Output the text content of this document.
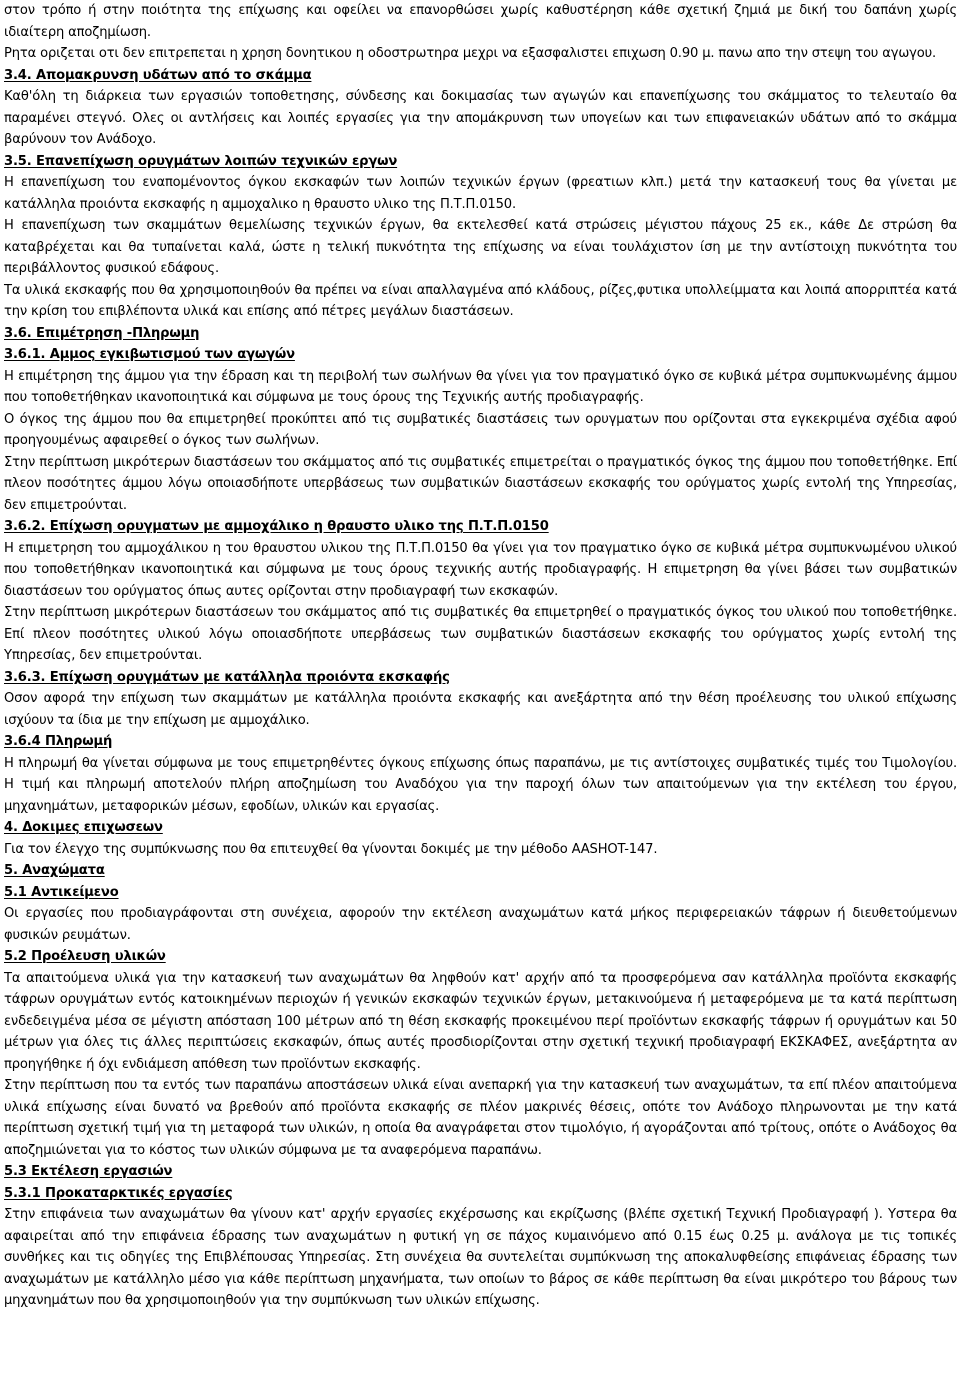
στον τρόπο ή στην ποιότητα της επίχωσης και οφείλει να επανορθώσει χωρίς καθυστέρηση κάθε σχετική ζημιά με δική του δαπάνη χωρίς ιδιαίτερη αποζημίωση.
Ρητα οριζεται οτι δεν επιτρεπεται η χρηση δονητικου η οδοστρωτηρα μεχρι να εξασφαλιστει επιχωση 0.90 μ. πανω απο την στεψη του αγωγου.
3.4. Απομακρυνση υδάτων από το σκάμμα
Καθ'όλη τη διάρκεια των εργασιών τοποθετησης, σύνδεσης και δοκιμασίας των αγωγών και επανεπίχωσης του σκάμματος το τελευταίο θα παραμένει στεγνό. Ολες οι αντλήσεις και λοιπές εργασίες για την απομάκρυνση των υπογείων και των επιφανειακών υδάτων από το σκάμμα βαρύνουν τον Ανάδοχο.
3.5. Επανεπίχωση ορυγμάτων λοιπών τεχνικών εργων
Η επανεπίχωση του εναπομένοντος όγκου εκσκαφών των λοιπών τεχνικών έργων (φρεατιων κλπ.) μετά την κατασκευή τους θα γίνεται με κατάλληλα προιόντα εκσκαφής η αμμοχαλικο η θραυστο υλικο της Π.Τ.Π.0150.
Η επανεπίχωση των σκαμμάτων θεμελίωσης τεχνικών έργων, θα εκτελεσθεί κατά στρώσεις μέγιστου πάχους 25 εκ., κάθε Δε στρώση θα καταβρέχεται και θα τυπαίνεται καλά, ώστε η τελική πυκνότητα της επίχωσης να είναι τουλάχιστον ίση με την αντίστοιχη πυκνότητα του περιβάλλοντος φυσικού εδάφους.
Τα υλικά εκσκαφής που θα χρησιμοποιηθούν θα πρέπει να είναι απαλλαγμένα από κλάδους, ρίζες,φυτικα υπολλείμματα και λοιπά απορριπτέα κατά την κρίση του επιβλέποντα υλικά και επίσης από πέτρες μεγάλων διαστάσεων.
3.6. Επιμέτρηση -Πληρωμη
3.6.1. Αμμος εγκιβωτισμού των αγωγών
Η επιμέτρηση της άμμου για την έδραση και τη περιβολή των σωλήνων θα γίνει για τον πραγματικό όγκο σε κυβικά μέτρα συμπυκνωμένης άμμου που τοποθετήθηκαν ικανοποιητικά και σύμφωνα με τους όρους της Τεχνικής αυτής προδιαγραφής.
Ο όγκος της άμμου που θα επιμετρηθεί προκύπτει από τις συμβατικές διαστάσεις των ορυγματων που ορίζονται στα εγκεκριμένα σχέδια αφού προηγουμένως αφαιρεθεί ο όγκος των σωλήνων.
Στην περίπτωση μικρότερων διαστάσεων του σκάμματος από τις συμβατικές επιμετρείται ο πραγματικός όγκος της άμμου που τοποθετήθηκε. Επί πλεον ποσότητες άμμου λόγω οποιασδήποτε υπερβάσεως των συμβατικών διαστάσεων εκσκαφής του ορύγματος χωρίς εντολή της Υπηρεσίας, δεν επιμετρούνται.
3.6.2. Επίχωση ορυγματων με αμμοχάλικο η θραυστο υλικο της Π.Τ.Π.0150
Η επιμετρηση του αμμοχάλικου η του θραυστου υλικου της Π.Τ.Π.0150 θα γίνει για τον πραγματικο όγκο σε κυβικά μέτρα συμπυκνωμένου υλικού που τοποθετήθηκαν ικανοποιητικά και σύμφωνα με τους όρους τεχνικής αυτής προδιαγραφής. Η επιμετρηση θα γίνει βάσει των συμβατικών διαστάσεων του ορύγματος όπως αυτες ορίζονται στην προδιαγραφή των εκσκαφών.
Στην περίπτωση μικρότερων διαστάσεων του σκάμματος από τις συμβατικές θα επιμετρηθεί ο πραγματικός όγκος του υλικού που τοποθετήθηκε. Επί πλεον ποσότητες υλικού λόγω οποιασδήποτε υπερβάσεως των συμβατικών διαστάσεων εκσκαφής του ορύγματος χωρίς εντολή της Υπηρεσίας, δεν επιμετρούνται.
3.6.3. Επίχωση ορυγμάτων με κατάλληλα προιόντα εκσκαφής
Οσον αφορά την επίχωση των σκαμμάτων με κατάλληλα προιόντα εκσκαφής και ανεξάρτητα από την θέση προέλευσης του υλικού επίχωσης ισχύουν τα ίδια με την επίχωση με αμμοχάλικο.
3.6.4 Πληρωμή
Η πληρωμή θα γίνεται σύμφωνα με τους επιμετρηθέντες όγκους επίχωσης όπως παραπάνω, με τις αντίστοιχες συμβατικές τιμές του Τιμολογίου. Η τιμή και πληρωμή αποτελούν πλήρη αποζημίωση του Αναδόχου για την παροχή όλων των απαιτούμενων για την εκτέλεση του έργου, μηχανημάτων, μεταφορικών μέσων, εφοδίων, υλικών και εργασίας.
4. Δοκιμες επιχωσεων
Για τον έλεγχο της συμπύκνωσης που θα επιτευχθεί θα γίνονται δοκιμές με την μέθοδο AASHOT-147.
5. Αναχώματα
5.1 Αντικείμενο
Οι εργασίες που προδιαγράφονται στη συνέχεια, αφορούν την εκτέλεση αναχωμάτων κατά μήκος περιφερειακών τάφρων ή διευθετούμενων φυσικών ρευμάτων.
5.2 Προέλευση υλικών
Τα απαιτούμενα υλικά για την κατασκευή των αναχωμάτων θα ληφθούν κατ' αρχήν από τα προσφερόμενα σαν κατάλληλα προϊόντα εκσκαφής τάφρων ορυγμάτων εντός κατοικημένων περιοχών ή γενικών εκσκαφών τεχνικών έργων, μετακινούμενα ή μεταφερόμενα με τα κατά περίπτωση ενδεδειγμένα μέσα σε μέγιστη απόσταση 100 μέτρων από τη θέση εκσκαφής προκειμένου περί προϊόντων εκσκαφής τάφρων ή ορυγμάτων και 50 μέτρων για όλες τις άλλες περιπτώσεις εκσκαφών, όπως αυτές προσδιορίζονται στην σχετική τεχνική προδιαγραφή ΕΚΣΚΑΦΕΣ, ανεξάρτητα αν προηγήθηκε ή όχι ενδιάμεση απόθεση των προϊόντων εκσκαφής.
Στην περίπτωση που τα εντός των παραπάνω αποστάσεων υλικά είναι ανεπαρκή για την κατασκευή των αναχωμάτων, τα επί πλέον απαιτούμενα υλικά επίχωσης είναι δυνατό να βρεθούν από προϊόντα εκσκαφής σε πλέον μακρινές θέσεις, οπότε τον Ανάδοχο πληρωνονται με την κατά περίπτωση σχετική τιμή για τη μεταφορά των υλικών, η οποία θα αναγράφεται στον τιμολόγιο, ή αγοράζονται από τρίτους, οπότε ο Ανάδοχος θα αποζημιώνεται για το κόστος των υλικών σύμφωνα με τα αναφερόμενα παραπάνω.
5.3 Εκτέλεση εργασιών
5.3.1 Προκαταρκτικές εργασίες
Στην επιφάνεια των αναχωμάτων θα γίνουν κατ' αρχήν εργασίες εκχέρσωσης και εκρίζωσης (βλέπε σχετική Τεχνική Προδιαγραφή ). Υστερα θα αφαιρείται από την επιφάνεια έδρασης των αναχωμάτων η φυτική γη σε πάχος κυμαινόμενο από 0.15 έως 0.25 μ. ανάλογα με τις τοπικές συνθήκες και τις οδηγίες της Επιβλέπουσας Υπηρεσίας. Στη συνέχεια θα συντελείται συμπύκνωση της αποκαλυφθείσης επιφάνειας έδρασης των αναχωμάτων με κατάλληλο μέσο για κάθε περίπτωση μηχανήματα, των οποίων το βάρος σε κάθε περίπτωση θα είναι μικρότερο του βάρους των μηχανημάτων που θα χρησιμοποιηθούν για την συμπύκνωση των υλικών επίχωσης.
